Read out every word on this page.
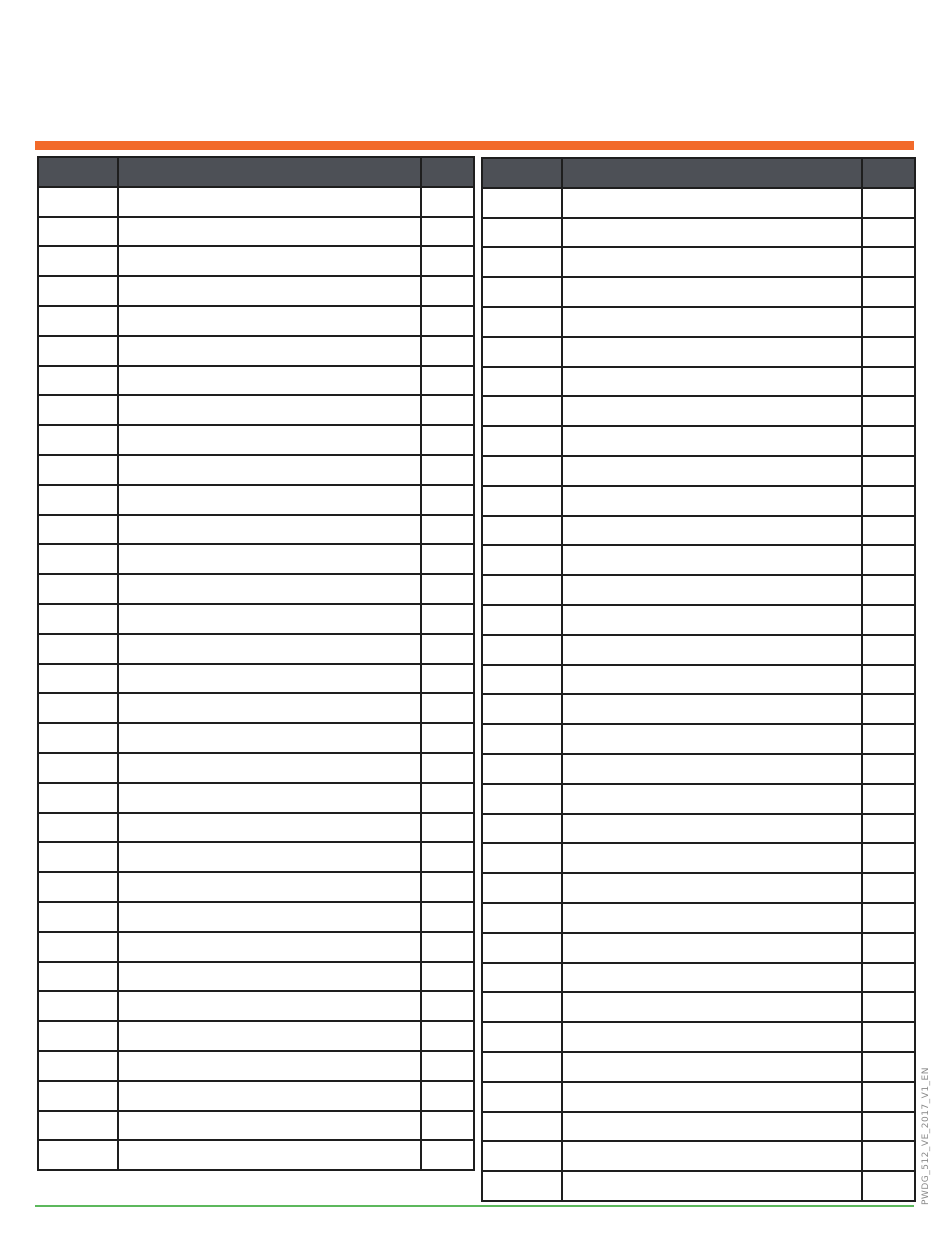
PWDG_512_VE_2017_V1_EN
